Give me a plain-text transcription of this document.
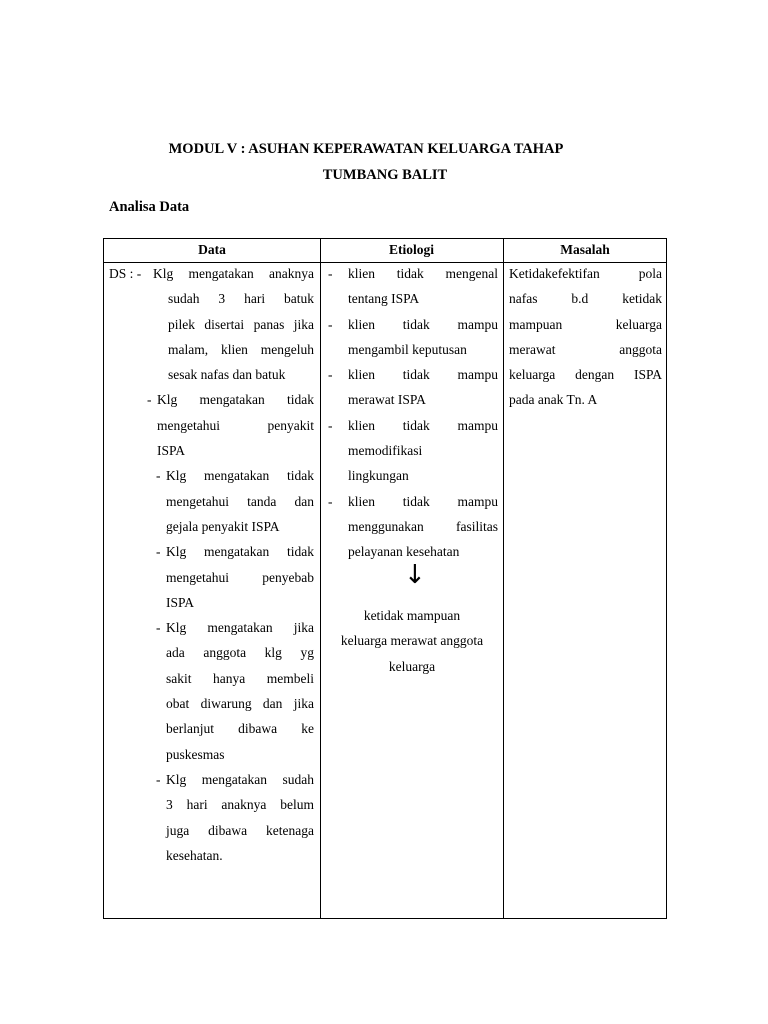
MODUL V : ASUHAN KEPERAWATAN KELUARGA TAHAP
TUMBANG BALIT
Analisa Data
Data	Etiologi	Masalah
DS : - Klg mengatakan anaknya
sudah 3 hari batuk
pilek disertai panas jika
malam, klien mengeluh
sesak nafas dan batuk
- Klg mengatakan tidak
mengetahui penyakit
ISPA
- Klg mengatakan tidak
mengetahui tanda dan
gejala penyakit ISPA
- Klg mengatakan tidak
mengetahui penyebab
ISPA
- Klg mengatakan jika
ada anggota klg yg
sakit hanya membeli
obat diwarung dan jika
berlanjut dibawa ke
puskesmas
- Klg mengatakan sudah
3 hari anaknya belum
juga dibawa ketenaga
kesehatan.
- klien tidak mengenal
tentang ISPA
- klien tidak mampu
mengambil keputusan
- klien tidak mampu
merawat ISPA
- klien tidak mampu
memodifikasi
lingkungan
- klien tidak mampu
menggunakan fasilitas
pelayanan kesehatan
↓
ketidak mampuan
keluarga merawat anggota
keluarga
Ketidakefektifan pola
nafas b.d ketidak
mampuan keluarga
merawat anggota
keluarga dengan ISPA
pada anak Tn. A
